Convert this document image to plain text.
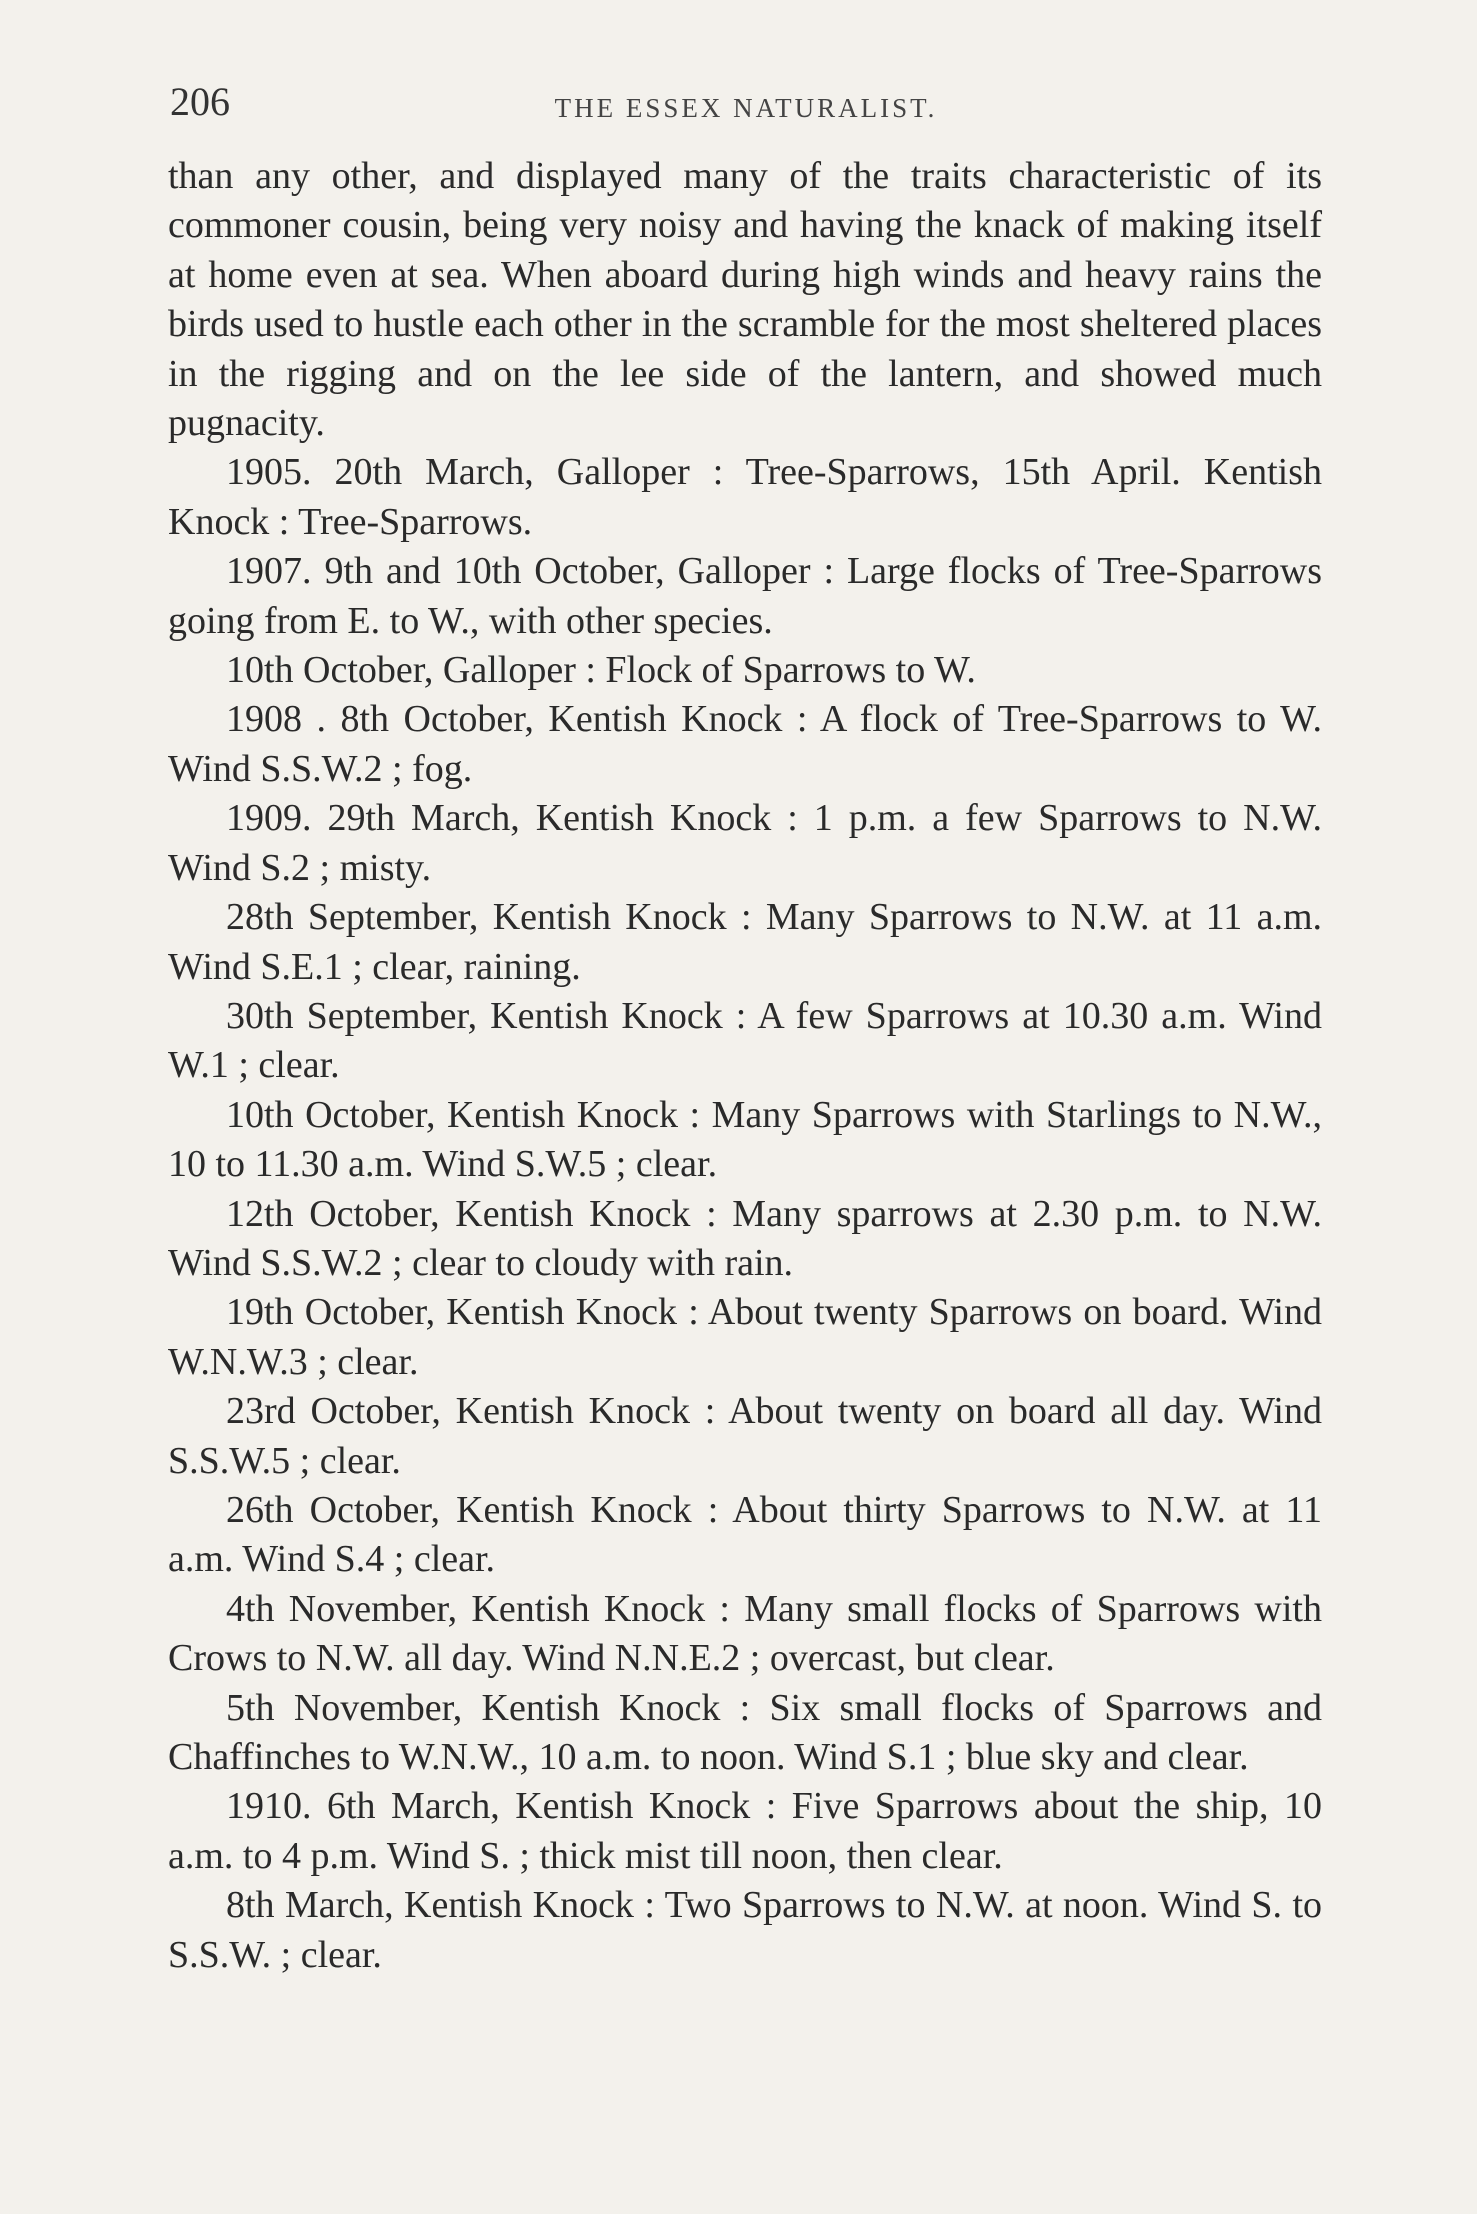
206	THE ESSEX NATURALIST.

than any other, and displayed many of the traits characteristic of its commoner cousin, being very noisy and having the knack of making itself at home even at sea. When aboard during high winds and heavy rains the birds used to hustle each other in the scramble for the most sheltered places in the rigging and on the lee side of the lantern, and showed much pugnacity.

1905. 20th March, Galloper : Tree-Sparrows, 15th April. Kentish Knock : Tree-Sparrows.

1907. 9th and 10th October, Galloper : Large flocks of Tree-Sparrows going from E. to W., with other species.

10th October, Galloper : Flock of Sparrows to W.

1908 . 8th October, Kentish Knock : A flock of Tree-Sparrows to W. Wind S.S.W.2 ; fog.

1909. 29th March, Kentish Knock : 1 p.m. a few Sparrows to N.W. Wind S.2 ; misty.

28th September, Kentish Knock : Many Sparrows to N.W. at 11 a.m. Wind S.E.1 ; clear, raining.

30th September, Kentish Knock : A few Sparrows at 10.30 a.m. Wind W.1 ; clear.

10th October, Kentish Knock : Many Sparrows with Starlings to N.W., 10 to 11.30 a.m. Wind S.W.5 ; clear.

12th October, Kentish Knock : Many sparrows at 2.30 p.m. to N.W. Wind S.S.W.2 ; clear to cloudy with rain.

19th October, Kentish Knock : About twenty Sparrows on board. Wind W.N.W.3 ; clear.

23rd October, Kentish Knock : About twenty on board all day. Wind S.S.W.5 ; clear.

26th October, Kentish Knock : About thirty Sparrows to N.W. at 11 a.m. Wind S.4 ; clear.

4th November, Kentish Knock : Many small flocks of Sparrows with Crows to N.W. all day. Wind N.N.E.2 ; overcast, but clear.

5th November, Kentish Knock : Six small flocks of Sparrows and Chaffinches to W.N.W., 10 a.m. to noon. Wind S.1 ; blue sky and clear.

1910. 6th March, Kentish Knock : Five Sparrows about the ship, 10 a.m. to 4 p.m. Wind S. ; thick mist till noon, then clear.

8th March, Kentish Knock : Two Sparrows to N.W. at noon. Wind S. to S.S.W. ; clear.
